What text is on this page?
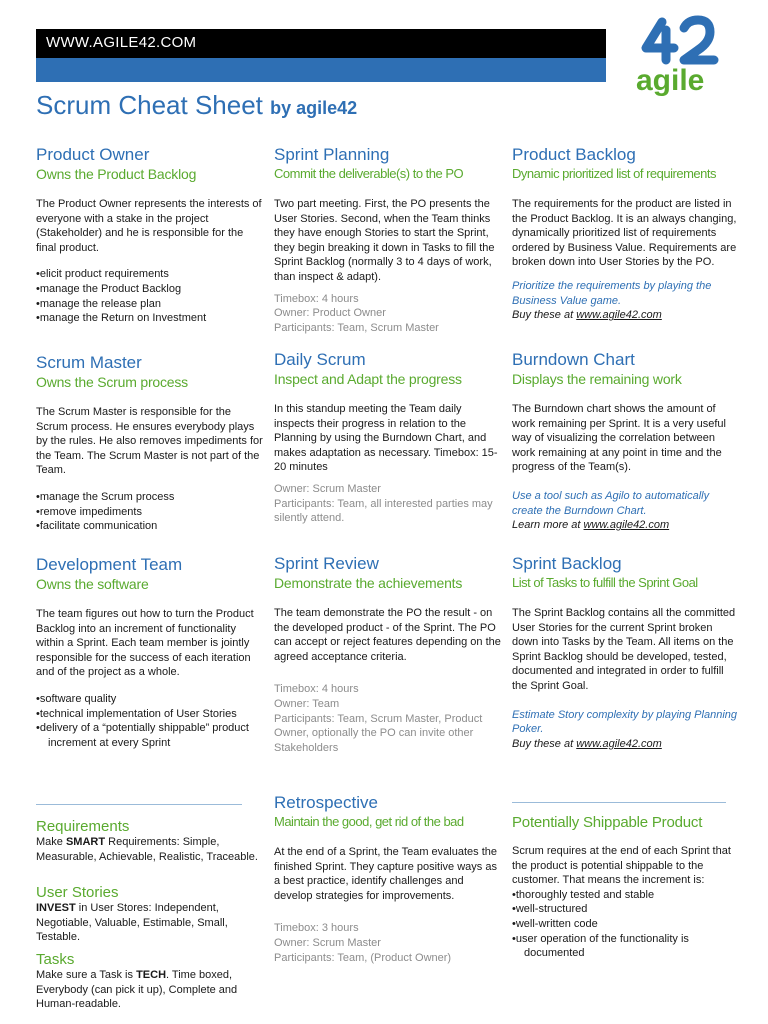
WWW.AGILE42.COM
agile
Scrum Cheat Sheet by agile42
Product Owner
Owns the Product Backlog

The Product Owner represents the interests of everyone with a stake in the project (Stakeholder) and he is responsible for the final product.

• elicit product requirements
• manage the Product Backlog
• manage the release plan
• manage the Return on Investment
Scrum Master
Owns the Scrum process

The Scrum Master is responsible for the Scrum process. He ensures everybody plays by the rules. He also removes impediments for the Team. The Scrum Master is not part of the Team.

• manage the Scrum process
• remove impediments
• facilitate communication
Development Team
Owns the software

The team figures out how to turn the Product Backlog into an increment of functionality within a Sprint. Each team member is jointly responsible for the success of each iteration and of the project as a whole.

• software quality
• technical implementation of User Stories
• delivery of a “potentially shippable” product increment at every Sprint
Requirements
Make SMART Requirements: Simple, Measurable, Achievable, Realistic, Traceable.
User Stories
INVEST in User Stores: Independent, Negotiable, Valuable, Estimable, Small, Testable.
Tasks
Make sure a Task is TECH. Time boxed, Everybody (can pick it up), Complete and Human-readable.
Sprint Planning
Commit the deliverable(s) to the PO

Two part meeting. First, the PO presents the User Stories. Second, when the Team thinks they have enough Stories to start the Sprint, they begin breaking it down in Tasks to fill the Sprint Backlog (normally 3 to 4 days of work, than inspect & adapt).

Timebox: 4 hours
Owner: Product Owner
Participants: Team, Scrum Master
Daily Scrum
Inspect and Adapt the progress

In this standup meeting the Team daily inspects their progress in relation to the Planning by using the Burndown Chart, and makes adaptation as necessary. Timebox: 15-20 minutes

Owner: Scrum Master
Participants: Team, all interested parties may silently attend.
Sprint Review
Demonstrate the achievements

The team demonstrate the PO the result - on the developed product - of the Sprint. The PO can accept or reject features depending on the agreed acceptance criteria.

Timebox: 4 hours
Owner: Team
Participants: Team, Scrum Master, Product Owner, optionally the PO can invite other Stakeholders
Retrospective
Maintain the good, get rid of the bad

At the end of a Sprint, the Team evaluates the finished Sprint. They capture positive ways as a best practice, identify challenges and develop strategies for improvements.

Timebox: 3 hours
Owner: Scrum Master
Participants: Team, (Product Owner)
Product Backlog
Dynamic prioritized list of requirements

The requirements for the product are listed in the Product Backlog. It is an always changing, dynamically prioritized list of requirements ordered by Business Value. Requirements are broken down into User Stories by the PO.

Prioritize the requirements by playing the Business Value game.
Buy these at www.agile42.com
Burndown Chart
Displays the remaining work

The Burndown chart shows the amount of work remaining per Sprint. It is a very useful way of visualizing the correlation between work remaining at any point in time and the progress of the Team(s).

Use a tool such as Agilo to automatically create the Burndown Chart.
Learn more at www.agile42.com
Sprint Backlog
List of Tasks to fulfill the Sprint Goal

The Sprint Backlog contains all the committed User Stories for the current Sprint broken down into Tasks by the Team. All items on the Sprint Backlog should be developed, tested, documented and integrated in order to fulfill the Sprint Goal.

Estimate Story complexity by playing Planning Poker.
Buy these at www.agile42.com
Potentially Shippable Product

Scrum requires at the end of each Sprint that the product is potential shippable to the customer. That means the increment is:

• thoroughly tested and stable
• well-structured
• well-written code
• user operation of the functionality is documented
